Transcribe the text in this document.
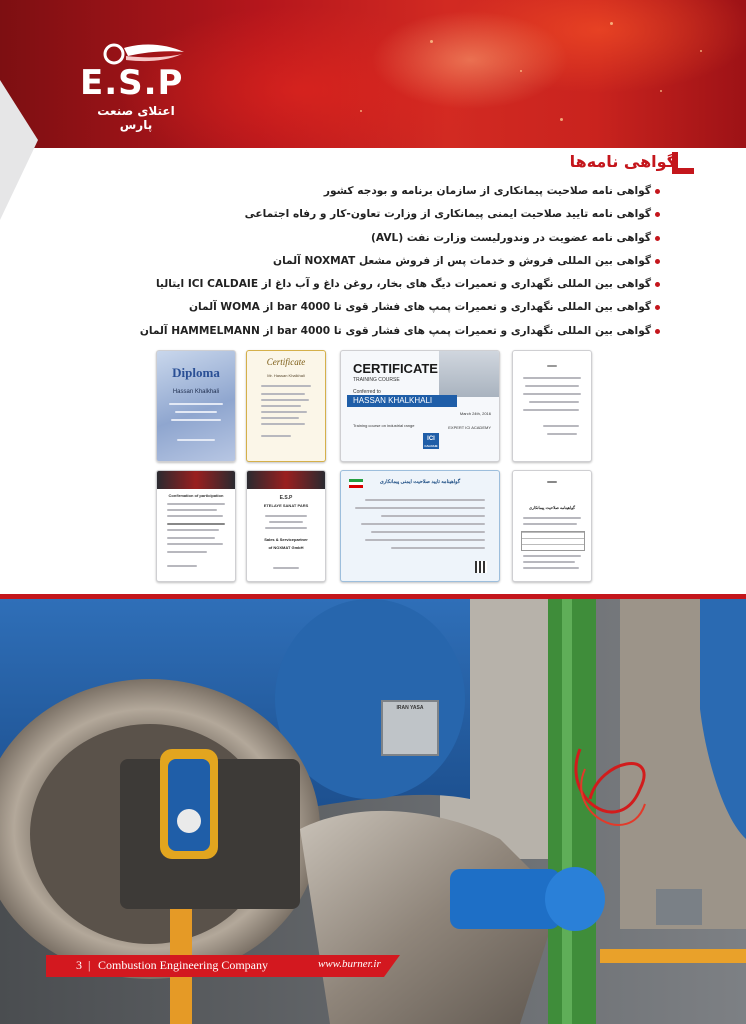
E.S.P
اعتلای صنعت پارس
گواهی نامه‌ها
گواهی نامه صلاحیت پیمانکاری از سازمان برنامه و بودجه کشور
گواهی نامه تایید صلاحیت ایمنی پیمانکاری از وزارت تعاون-کار و رفاه اجتماعی
گواهی نامه عضویت در وندورلیست وزارت نفت (AVL)
گواهی بین المللی فروش و خدمات پس از فروش مشعل NOXMAT آلمان
گواهی بین المللی نگهداری و تعمیرات دیگ های بخار، روغن داغ و آب داغ از ICI CALDAIE ایتالیا
گواهی بین المللی نگهداری و تعمیرات پمپ های فشار قوی تا 4000 bar از WOMA آلمان
گواهی بین المللی نگهداری و تعمیرات پمپ های فشار قوی تا 4000 bar از HAMMELMANN آلمان
Diploma
Hassan Khalkhali
Certificate
Mr. Hassan Khalkhali	CERTIFICATE
TRAINING COURSE
Conferred to
HASSAN KHALKHALI
March 24th, 2016
Training course on industrial range	EXPERT ICI ACADEMY
ICI
CALDAIE
Confirmation of participation	E.S.P
ETELAYE SANAT PARS
Sales & Servicepartner
of NOXMAT GmbH
گواهینامه تایید صلاحیت ایمنی پیمانکاری
گواهینامه صلاحیت پیمانکاری
IRAN YASA
3 | Combustion Engineering Company	www.burner.ir
